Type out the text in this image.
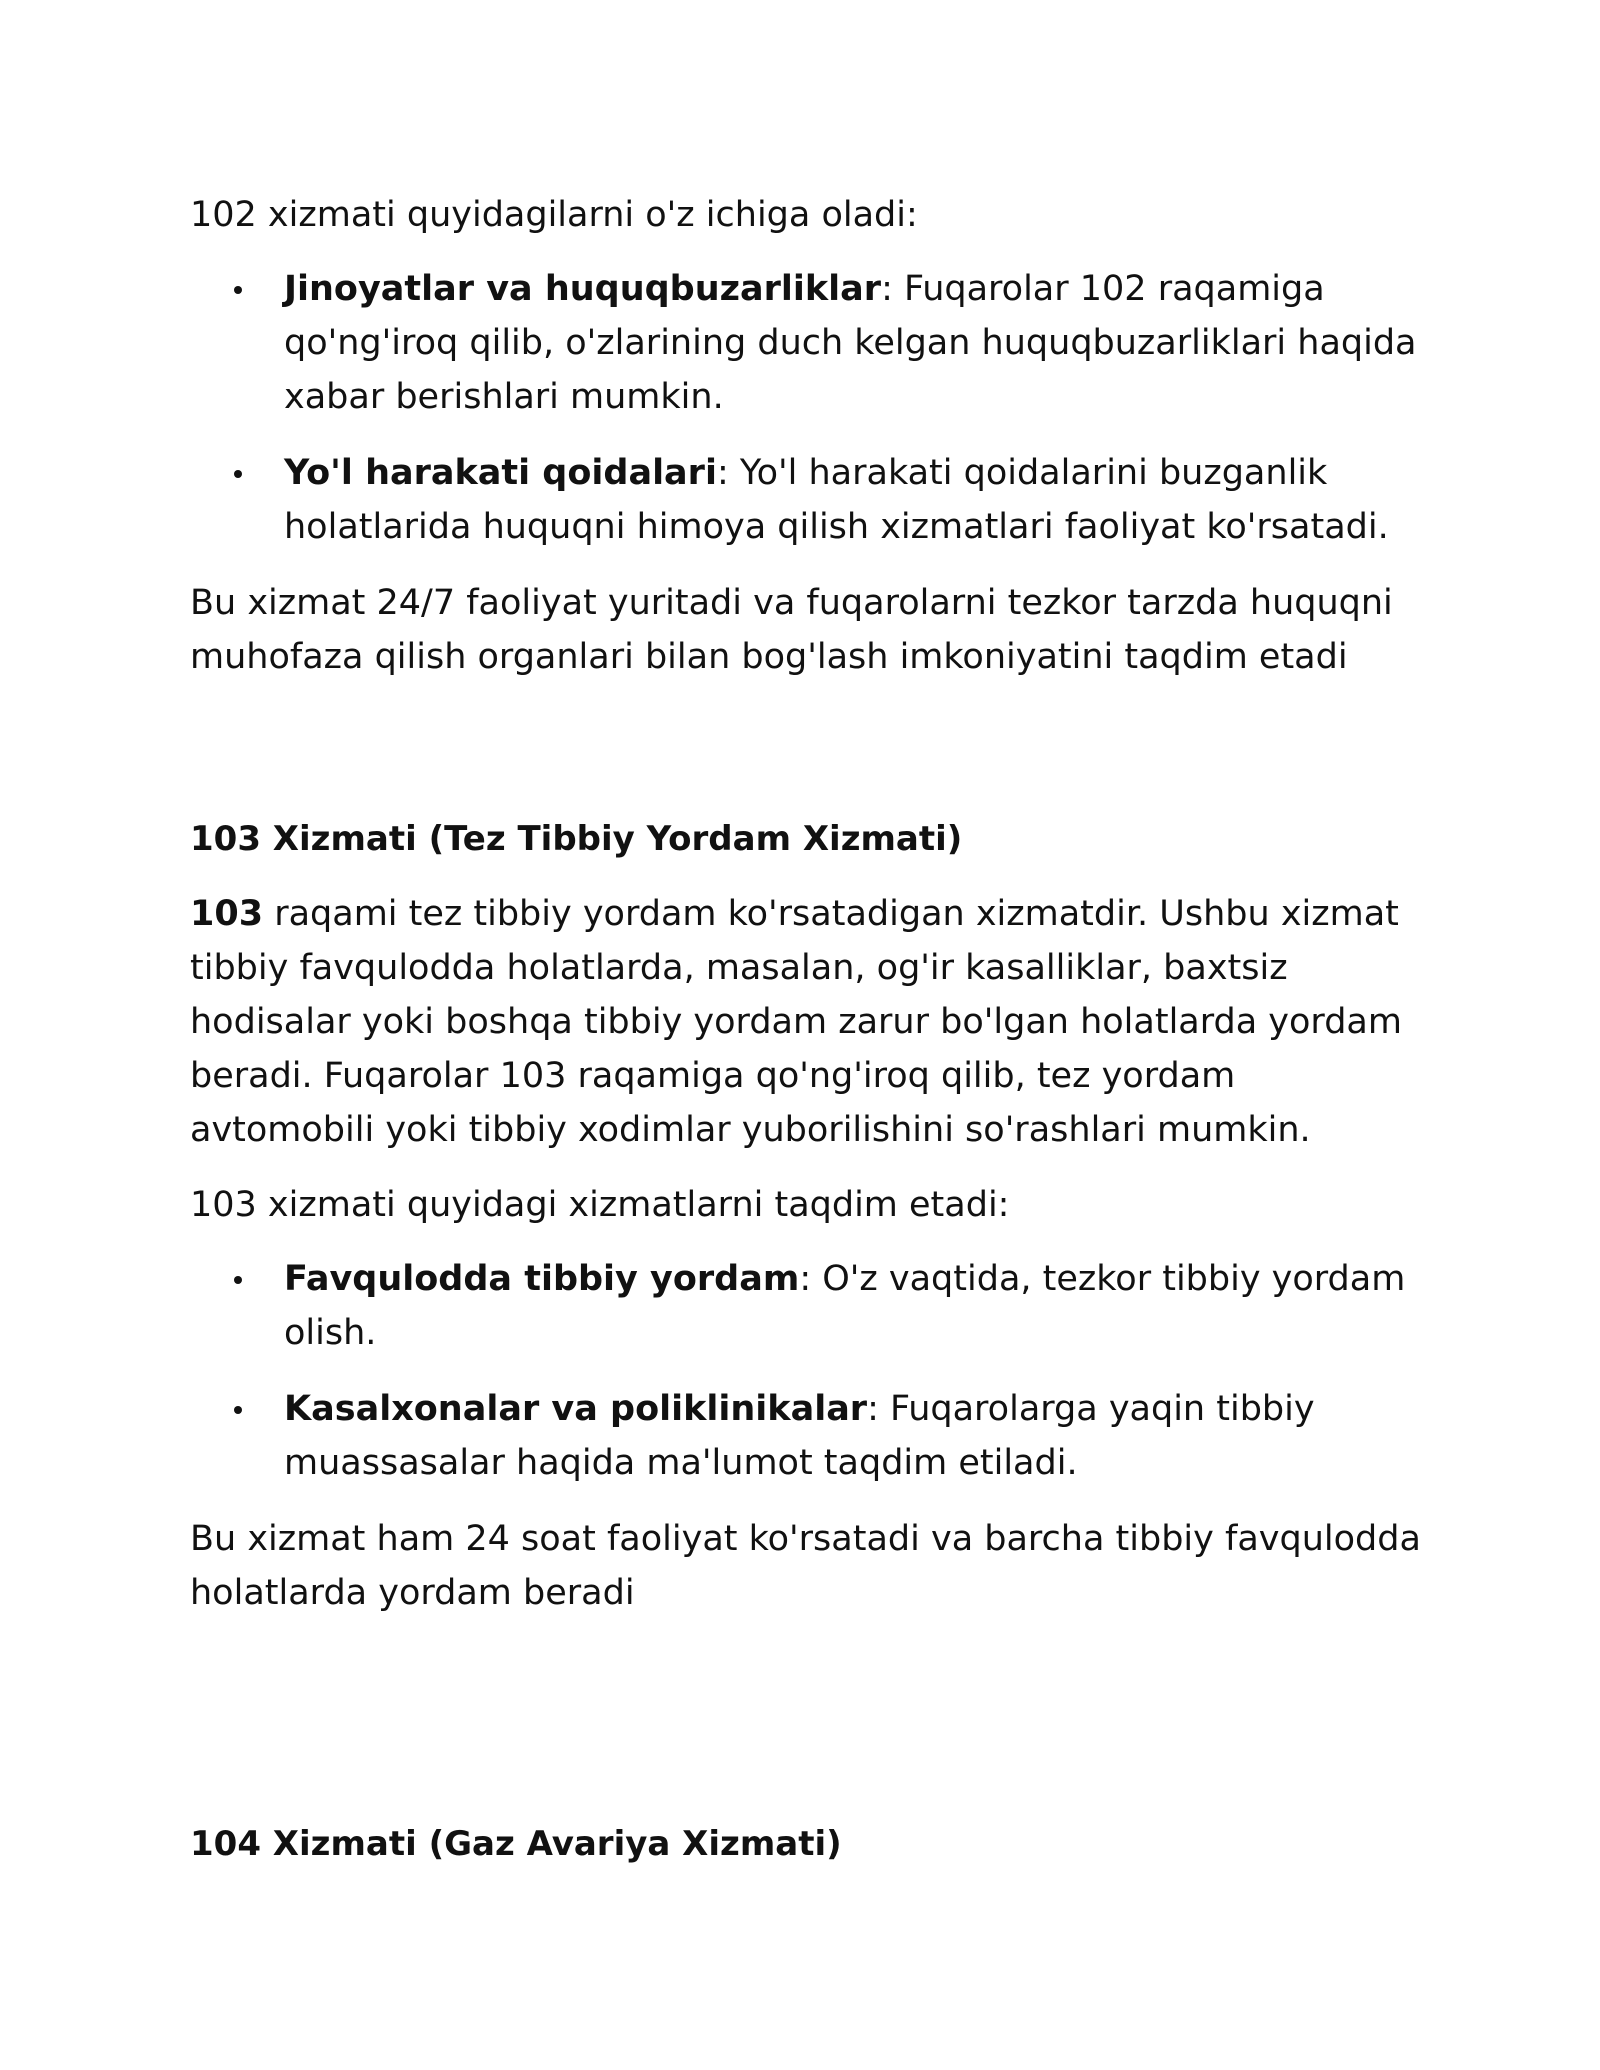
102 xizmati quyidagilarni o'z ichiga oladi:

Jinoyatlar va huquqbuzarliklar: Fuqarolar 102 raqamiga qo'ng'iroq qilib, o'zlarining duch kelgan huquqbuzarliklari haqida xabar berishlari mumkin.
Yo'l harakati qoidalari: Yo'l harakati qoidalarini buzganlik holatlarida huquqni himoya qilish xizmatlari faoliyat ko'rsatadi.

Bu xizmat 24/7 faoliyat yuritadi va fuqarolarni tezkor tarzda huquqni muhofaza qilish organlari bilan bog'lash imkoniyatini taqdim etadi

103 Xizmati (Tez Tibbiy Yordam Xizmati)

103 raqami tez tibbiy yordam ko'rsatadigan xizmatdir. Ushbu xizmat tibbiy favqulodda holatlarda, masalan, og'ir kasalliklar, baxtsiz hodisalar yoki boshqa tibbiy yordam zarur bo'lgan holatlarda yordam beradi. Fuqarolar 103 raqamiga qo'ng'iroq qilib, tez yordam avtomobili yoki tibbiy xodimlar yuborilishini so'rashlari mumkin.

103 xizmati quyidagi xizmatlarni taqdim etadi:

Favqulodda tibbiy yordam: O'z vaqtida, tezkor tibbiy yordam olish.
Kasalxonalar va poliklinikalar: Fuqarolarga yaqin tibbiy muassasalar haqida ma'lumot taqdim etiladi.

Bu xizmat ham 24 soat faoliyat ko'rsatadi va barcha tibbiy favqulodda holatlarda yordam beradi

104 Xizmati (Gaz Avariya Xizmati)
